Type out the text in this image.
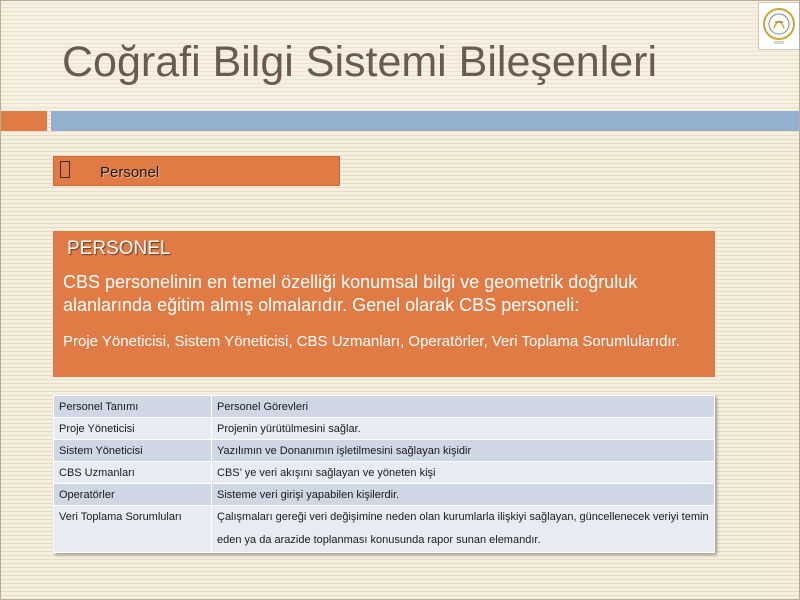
Coğrafi Bilgi Sistemi Bileşenleri
Personel
PERSONEL
CBS personelinin en temel özelliği konumsal bilgi ve geometrik doğruluk alanlarında eğitim almış olmalarıdır. Genel olarak CBS personeli:
Proje Yöneticisi, Sistem Yöneticisi, CBS Uzmanları, Operatörler, Veri Toplama Sorumlularıdır.
Personel Tanımı	Personel Görevleri
Proje Yöneticisi	Projenin yürütülmesini sağlar.
Sistem Yöneticisi	Yazılımın ve Donanımın işletilmesini sağlayan kişidir
CBS Uzmanları	CBS’ ye veri akışını sağlayan ve yöneten kişi
Operatörler	Sisteme veri girişi yapabilen kişilerdir.
Veri Toplama Sorumluları	Çalışmaları gereği veri değişimine neden olan kurumlarla ilişkiyi sağlayan, güncellenecek veriyi temin eden ya da arazide toplanması konusunda rapor sunan elemandır.
